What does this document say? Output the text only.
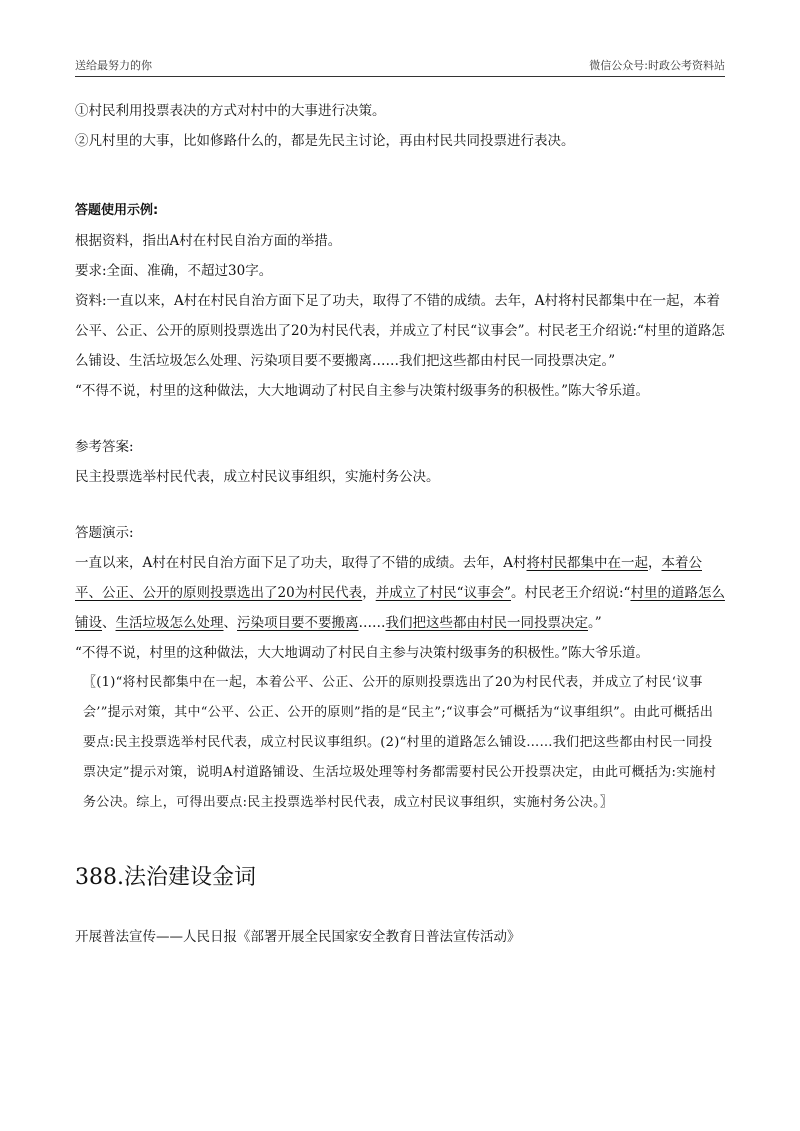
送给最努力的你	微信公众号:时政公考资料站

①村民利用投票表决的方式对村中的大事进行决策。

②凡村里的大事，比如修路什么的，都是先民主讨论，再由村民共同投票进行表决。

答题使用示例:

根据资料，指出A村在村民自治方面的举措。

要求:全面、准确，不超过30字。

资料:一直以来，A村在村民自治方面下足了功夫，取得了不错的成绩。去年，A村将村民都集中在一起，本着公平、公正、公开的原则投票选出了20为村民代表，并成立了村民“议事会”。村民老王介绍说:“村里的道路怎么铺设、生活垃圾怎么处理、污染项目要不要搬离……我们把这些都由村民一同投票决定。”

“不得不说，村里的这种做法，大大地调动了村民自主参与决策村级事务的积极性。”陈大爷乐道。

参考答案:

民主投票选举村民代表，成立村民议事组织，实施村务公决。

答题演示:

一直以来，A村在村民自治方面下足了功夫，取得了不错的成绩。去年，A村将村民都集中在一起，本着公平、公正、公开的原则投票选出了20为村民代表，并成立了村民“议事会”。村民老王介绍说:“村里的道路怎么铺设、生活垃圾怎么处理、污染项目要不要搬离……我们把这些都由村民一同投票决定。”

“不得不说，村里的这种做法，大大地调动了村民自主参与决策村级事务的积极性。”陈大爷乐道。

〖(1)“将村民都集中在一起，本着公平、公正、公开的原则投票选出了20为村民代表，并成立了村民‘议事会’”提示对策，其中“公平、公正、公开的原则”指的是“民主”;“议事会”可概括为“议事组织”。由此可概括出要点:民主投票选举村民代表，成立村民议事组织。(2)“村里的道路怎么铺设……我们把这些都由村民一同投票决定”提示对策，说明A村道路铺设、生活垃圾处理等村务都需要村民公开投票决定，由此可概括为:实施村务公决。综上，可得出要点:民主投票选举村民代表，成立村民议事组织，实施村务公决。〗

388.法治建设金词

开展普法宣传——人民日报《部署开展全民国家安全教育日普法宣传活动》
